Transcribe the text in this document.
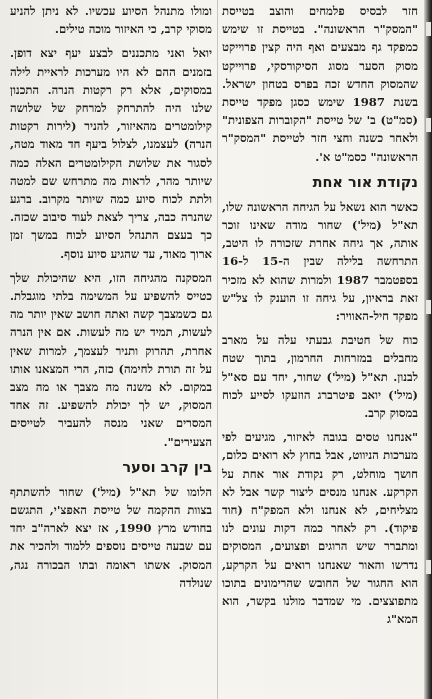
חזר לבסיס פלמחים והוצב בטייסת "המסק"ר הראשונה". בטייסת זו שימש כמפקד גף מבצעים ואף היה קצין פרוייקט מסוק הסער מסוג הסיקורסקי, פרוייקט שהמסוק החדש זכה בפרס בטחון ישראל. בשנת 1987 שימש כסגן מפקד טייסת (סמ"ט) ב' של טייסת "הקוברות הצפונית" ולאחר כשנה וחצי חזר לטייסת "המסק"ר הראשונה" כסמ"ט א'.

נקודת אור אחת

כאשר הוא נשאל על הגיחה הראשונה שלו, תא"ל (מיל') שחור מודה שאינו זוכר אותה, אך גיחה אחרת שזכורה לו היטב, התרחשה בלילה שבין ה-15 ל-16 בספטמבר 1987 ולמרות שהוא לא מזכיר זאת בראיון, על גיחה זו הוענק לו צל"ש מפקד חיל-האוויר:

כוח של חטיבת גבעתי עלה על מארב מחבלים במזרחות החרמון, בתוך שטח לבנון. תא"ל (מיל') שחור, יחד עם סא"ל (מיל') יואב פיטרברג הוזעקו לסייע לכוח במסוק קרב.

"אנחנו טסים בגובה לאיזור, מגיעים לפי מערכות הניווט, אבל בחוץ לא רואים כלום, חושך מוחלט, רק נקודת אור אחת על הקרקע. אנחנו מנסים ליצור קשר אבל לא מצליחים, לא אנחנו ולא המפק"ח (חוד פיקוד). רק לאחר כמה דקות עונים לנו ומתברר שיש הרוגים ופצועים, המסוקים נדרשו והאור שאנחנו רואים על הקרקע, הוא החגור של החובש שהרימונים בתוכו מתפוצצים. מי שמדבר מולנו בקשר, הוא המא"ג

ומולו מתנהל הסיוע עכשיו. לא ניתן להניע מסוקי קרב, כי האיזור מוכה טילים.

יואל ואני מתכננים לבצע יעף יצא דופן. בזמנים ההם לא היו מערכות לראיית לילה במסוקים, אלא רק רקטות הנרה. התכנון שלנו היה להתרחק למרחק של שלושה קילומטרים מהאיזור, להניר (לירות רקטות הנרה) לעצמנו, לצלול ביעף חד מאוד מטה, לסגור את שלושת הקילומטרים האלה כמה שיותר מהר, לראות מה מתרחש שם למטה ולתת לכוח סיוע כמה שיותר מקרוב. ברגע שהנרה כבה, צריך לצאת לעוד סיבוב שכזה. כך בעצם התנהל הסיוע לכוח במשך זמן ארוך מאוד, עד שהגיע סיוע נוסף.

המסקנה מהגיחה הזו, היא שהיכולת שלך כטייס להשפיע על המשימה בלתי מוגבלת. גם כשמצבך קשה ואתה חושב שאין יותר מה לעשות, תמיד יש מה לעשות. אם אין הנרה אחרת, תהרוק ותניר לעצמך, למרות שאין על זה תורת לחימה) כזה, הרי המצאנו אותו במקום. לא משנה מה מצבך או מה מצב המסוק, יש לך יכולת להשפיע. זה אחד המסרים שאני מנסה להעביר לטייסים הצעירים".

בין קרב וסער

הלומו של תא"ל (מיל') שחור להשתתף בצוות ההקמה של טייסת האפצ'י, התגשם בחודש מרץ 1990, אז יצא לארה"ב יחד עם שבעה טייסים נוספים ללמוד ולהכיר את המסוק. אשתו ראומה ובתו הבכורה נגה, שנולדה
